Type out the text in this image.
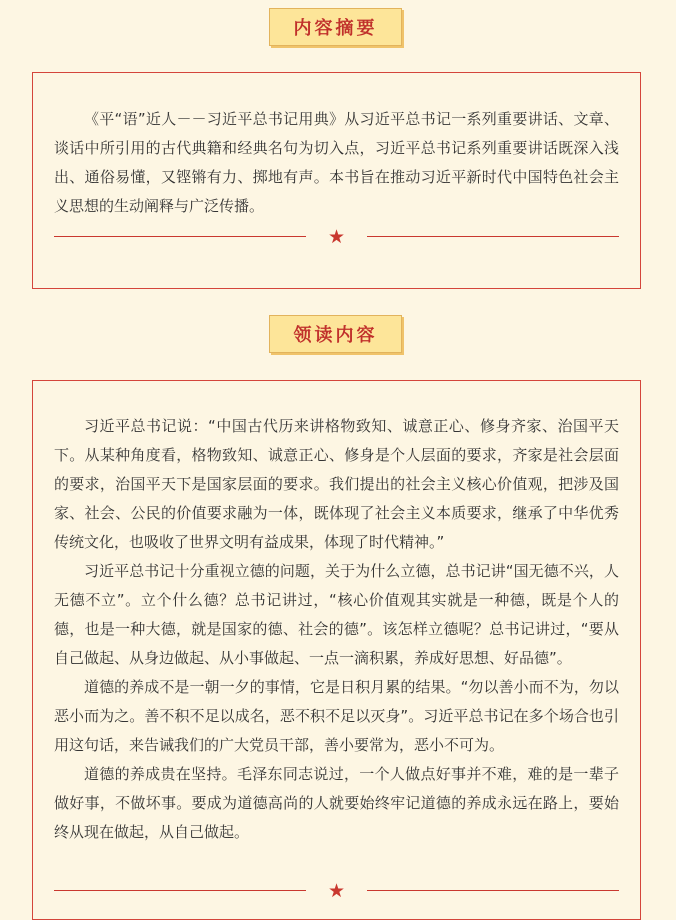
内容摘要

《平“语”近人－－习近平总书记用典》从习近平总书记一系列重要讲话、文章、谈话中所引用的古代典籍和经典名句为切入点，习近平总书记系列重要讲话既深入浅出、通俗易懂，又铿锵有力、掷地有声。本书旨在推动习近平新时代中国特色社会主义思想的生动阐释与广泛传播。

★
领读内容

习近平总书记说：“中国古代历来讲格物致知、诚意正心、修身齐家、治国平天下。从某种角度看，格物致知、诚意正心、修身是个人层面的要求，齐家是社会层面的要求，治国平天下是国家层面的要求。我们提出的社会主义核心价值观，把涉及国家、社会、公民的价值要求融为一体，既体现了社会主义本质要求，继承了中华优秀传统文化，也吸收了世界文明有益成果，体现了时代精神。”

习近平总书记十分重视立德的问题，关于为什么立德，总书记讲“国无德不兴，人无德不立”。立个什么德？总书记讲过，“核心价值观其实就是一种德，既是个人的德，也是一种大德，就是国家的德、社会的德”。该怎样立德呢？总书记讲过，“要从自己做起、从身边做起、从小事做起、一点一滴积累，养成好思想、好品德”。

道德的养成不是一朝一夕的事情，它是日积月累的结果。“勿以善小而不为，勿以恶小而为之。善不积不足以成名，恶不积不足以灭身”。习近平总书记在多个场合也引用这句话，来告诫我们的广大党员干部，善小要常为，恶小不可为。

道德的养成贵在坚持。毛泽东同志说过，一个人做点好事并不难，难的是一辈子做好事，不做坏事。要成为道德高尚的人就要始终牢记道德的养成永远在路上，要始终从现在做起，从自己做起。

★
